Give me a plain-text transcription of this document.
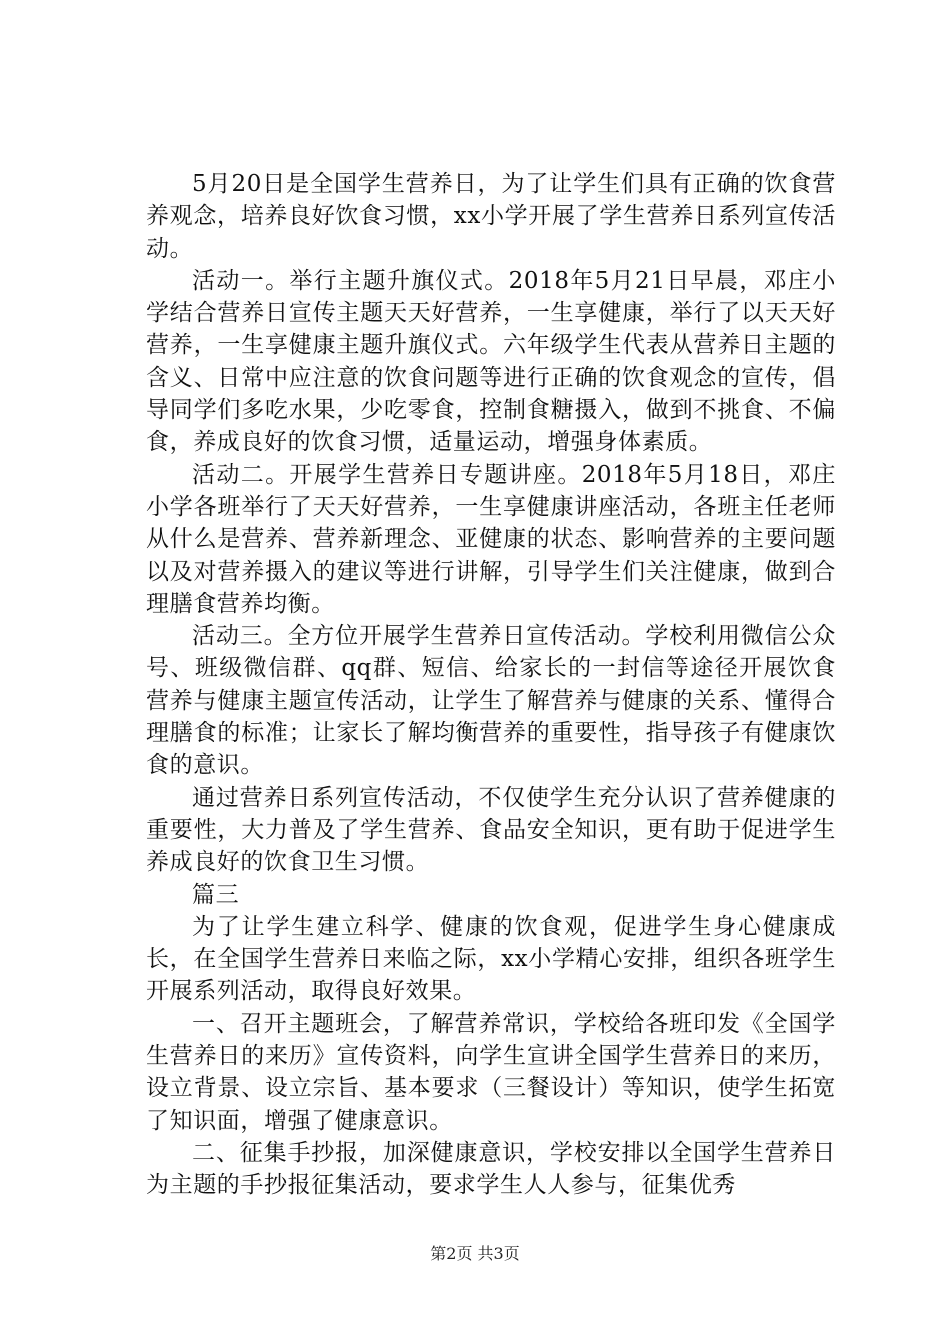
5月20日是全国学生营养日，为了让学生们具有正确的饮食营养观念，培养良好饮食习惯，xx小学开展了学生营养日系列宣传活动。

活动一。举行主题升旗仪式。2018年5月21日早晨，邓庄小学结合营养日宣传主题天天好营养，一生享健康，举行了以天天好营养，一生享健康主题升旗仪式。六年级学生代表从营养日主题的含义、日常中应注意的饮食问题等进行正确的饮食观念的宣传，倡导同学们多吃水果，少吃零食，控制食糖摄入，做到不挑食、不偏食，养成良好的饮食习惯，适量运动，增强身体素质。

活动二。开展学生营养日专题讲座。2018年5月18日，邓庄小学各班举行了天天好营养，一生享健康讲座活动，各班主任老师从什么是营养、营养新理念、亚健康的状态、影响营养的主要问题以及对营养摄入的建议等进行讲解，引导学生们关注健康，做到合理膳食营养均衡。

活动三。全方位开展学生营养日宣传活动。学校利用微信公众号、班级微信群、qq群、短信、给家长的一封信等途径开展饮食营养与健康主题宣传活动，让学生了解营养与健康的关系、懂得合理膳食的标准；让家长了解均衡营养的重要性，指导孩子有健康饮食的意识。

通过营养日系列宣传活动，不仅使学生充分认识了营养健康的重要性，大力普及了学生营养、食品安全知识，更有助于促进学生养成良好的饮食卫生习惯。

篇三

为了让学生建立科学、健康的饮食观，促进学生身心健康成长，在全国学生营养日来临之际，xx小学精心安排，组织各班学生开展系列活动，取得良好效果。

一、召开主题班会，了解营养常识，学校给各班印发《全国学生营养日的来历》宣传资料，向学生宣讲全国学生营养日的来历，设立背景、设立宗旨、基本要求（三餐设计）等知识，使学生拓宽了知识面，增强了健康意识。

二、征集手抄报，加深健康意识，学校安排以全国学生营养日为主题的手抄报征集活动，要求学生人人参与，征集优秀

第2页 共3页
